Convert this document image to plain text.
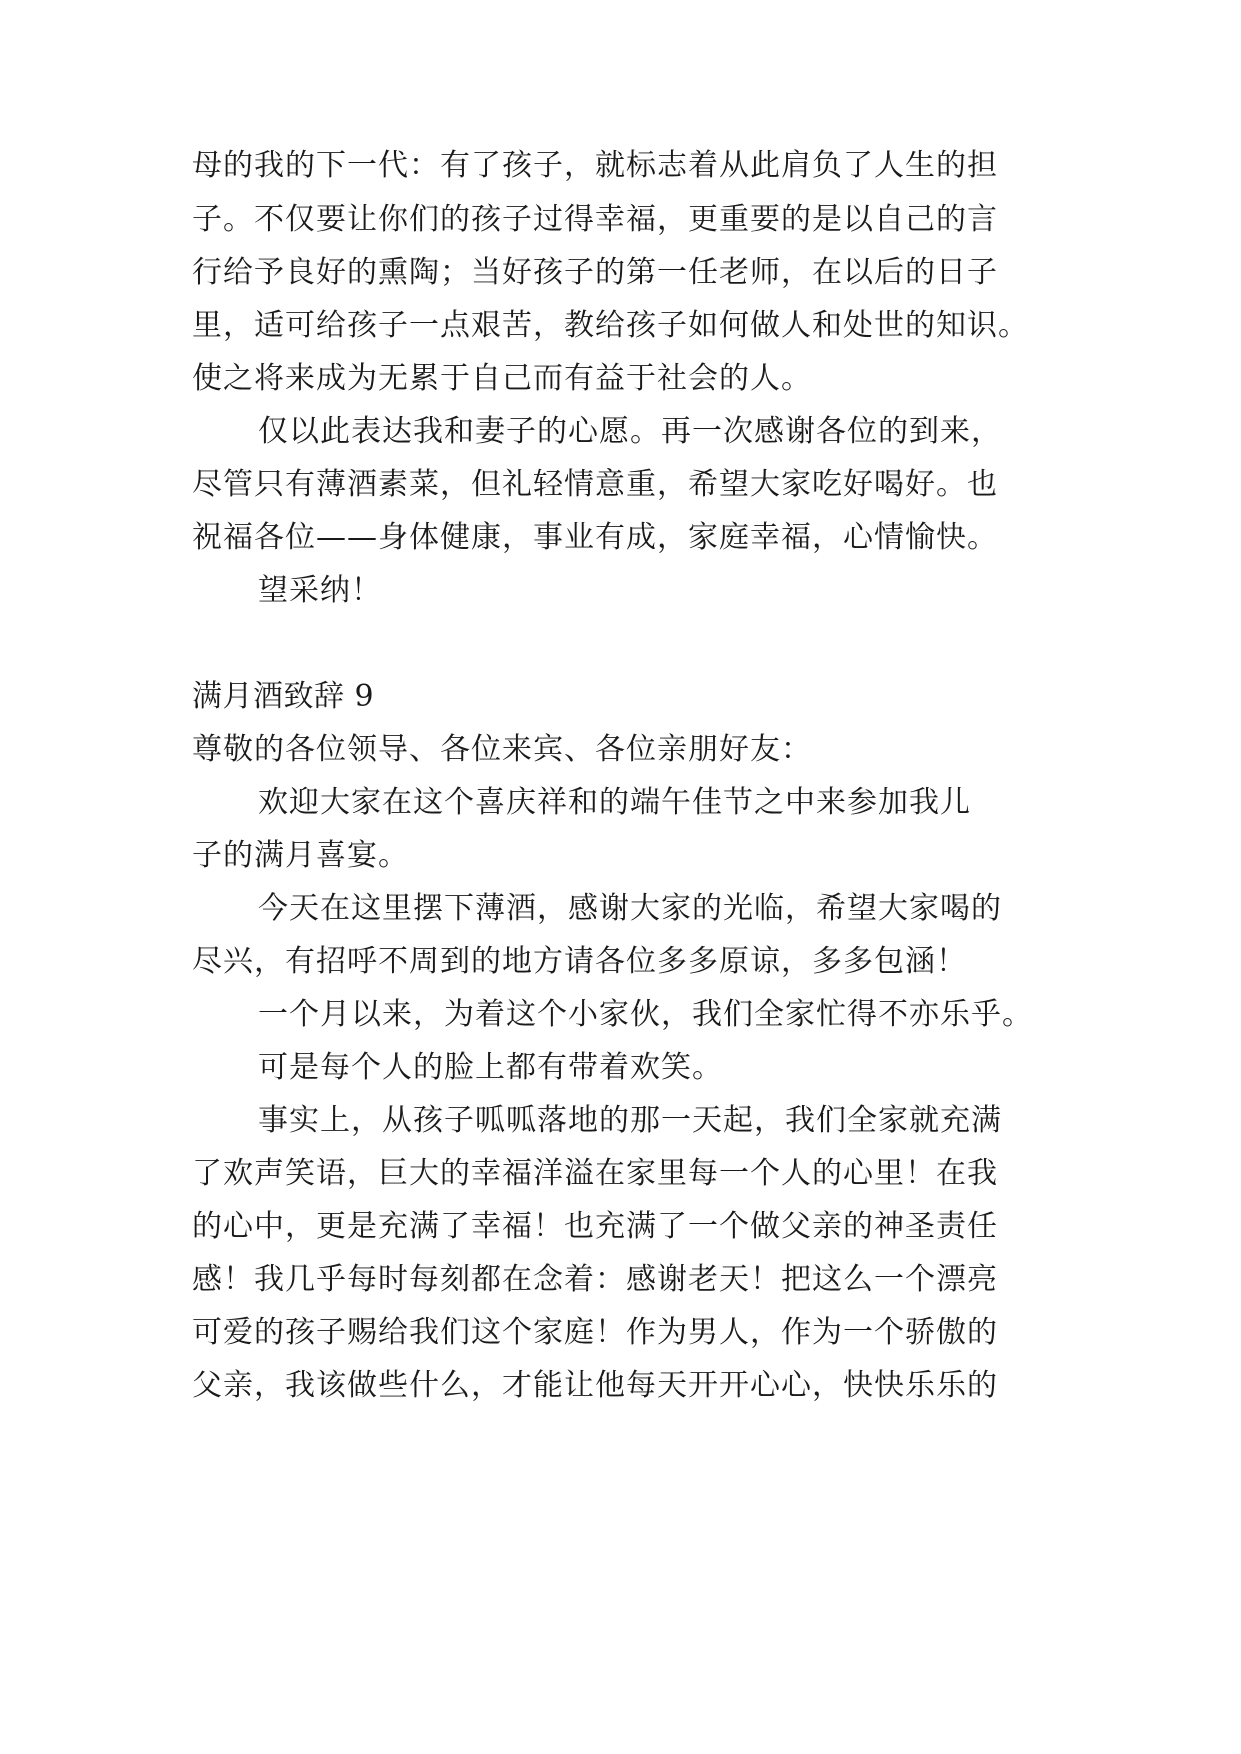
母的我的下一代：有了孩子，就标志着从此肩负了人生的担
子。不仅要让你们的孩子过得幸福，更重要的是以自己的言
行给予良好的熏陶；当好孩子的第一任老师，在以后的日子
里，适可给孩子一点艰苦，教给孩子如何做人和处世的知识。
使之将来成为无累于自己而有益于社会的人。
仅以此表达我和妻子的心愿。再一次感谢各位的到来，
尽管只有薄酒素菜，但礼轻情意重，希望大家吃好喝好。也
祝福各位——身体健康，事业有成，家庭幸福，心情愉快。
望采纳！
满月酒致辞 9
尊敬的各位领导、各位来宾、各位亲朋好友：
欢迎大家在这个喜庆祥和的端午佳节之中来参加我儿
子的满月喜宴。
今天在这里摆下薄酒，感谢大家的光临，希望大家喝的
尽兴，有招呼不周到的地方请各位多多原谅，多多包涵！
一个月以来，为着这个小家伙，我们全家忙得不亦乐乎。
可是每个人的脸上都有带着欢笑。
事实上，从孩子呱呱落地的那一天起，我们全家就充满
了欢声笑语，巨大的幸福洋溢在家里每一个人的心里！在我
的心中，更是充满了幸福！也充满了一个做父亲的神圣责任
感！我几乎每时每刻都在念着：感谢老天！把这么一个漂亮
可爱的孩子赐给我们这个家庭！作为男人，作为一个骄傲的
父亲，我该做些什么，才能让他每天开开心心，快快乐乐的
